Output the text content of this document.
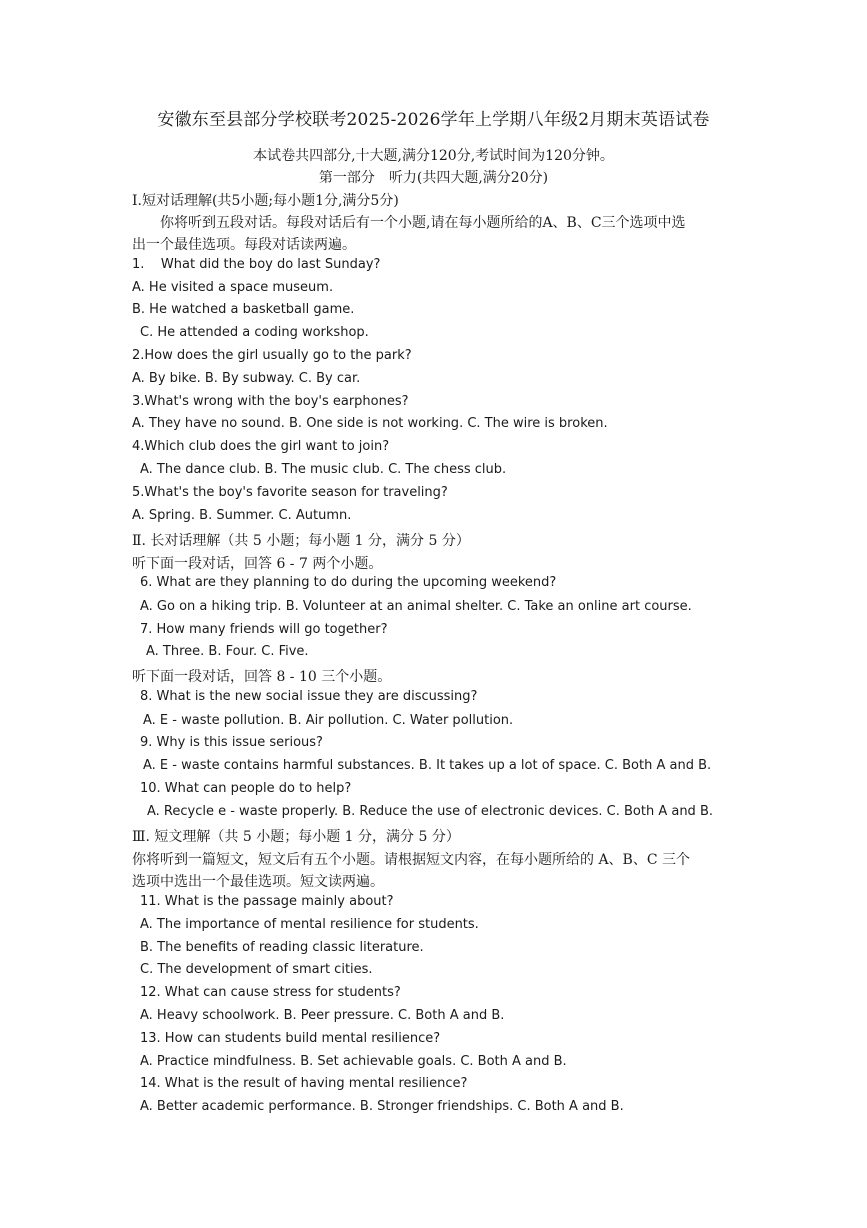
安徽东至县部分学校联考2025-2026学年上学期八年级2月期末英语试卷
本试卷共四部分,十大题,满分120分,考试时间为120分钟。
第一部分　听力(共四大题,满分20分)
Ⅰ.短对话理解(共5小题;每小题1分,满分5分)
你将听到五段对话。每段对话后有一个小题,请在每小题所给的A、B、C三个选项中选
出一个最佳选项。每段对话读两遍。
1.    What did the boy do last Sunday?
A. He visited a space museum.
B. He watched a basketball game.
C. He attended a coding workshop.
2.How does the girl usually go to the park?
A. By bike. B. By subway. C. By car.
3.What's wrong with the boy's earphones?
A. They have no sound. B. One side is not working. C. The wire is broken.
4.Which club does the girl want to join?
A. The dance club. B. The music club. C. The chess club.
5.What's the boy's favorite season for traveling?
A. Spring. B. Summer. C. Autumn.
Ⅱ. 长对话理解（共 5 小题；每小题 1 分，满分 5 分）
听下面一段对话，回答 6 - 7 两个小题。
6. What are they planning to do during the upcoming weekend?
A. Go on a hiking trip. B. Volunteer at an animal shelter. C. Take an online art course.
7. How many friends will go together?
A. Three. B. Four. C. Five.
听下面一段对话，回答 8 - 10 三个小题。
8. What is the new social issue they are discussing?
A. E - waste pollution. B. Air pollution. C. Water pollution.
9. Why is this issue serious?
A. E - waste contains harmful substances. B. It takes up a lot of space. C. Both A and B.
10. What can people do to help?
A. Recycle e - waste properly. B. Reduce the use of electronic devices. C. Both A and B.
Ⅲ. 短文理解（共 5 小题；每小题 1 分，满分 5 分）
你将听到一篇短文，短文后有五个小题。请根据短文内容，在每小题所给的 A、B、C 三个
选项中选出一个最佳选项。短文读两遍。
11. What is the passage mainly about?
A. The importance of mental resilience for students.
B. The benefits of reading classic literature.
C. The development of smart cities.
12. What can cause stress for students?
A. Heavy schoolwork. B. Peer pressure. C. Both A and B.
13. How can students build mental resilience?
A. Practice mindfulness. B. Set achievable goals. C. Both A and B.
14. What is the result of having mental resilience?
A. Better academic performance. B. Stronger friendships. C. Both A and B.
